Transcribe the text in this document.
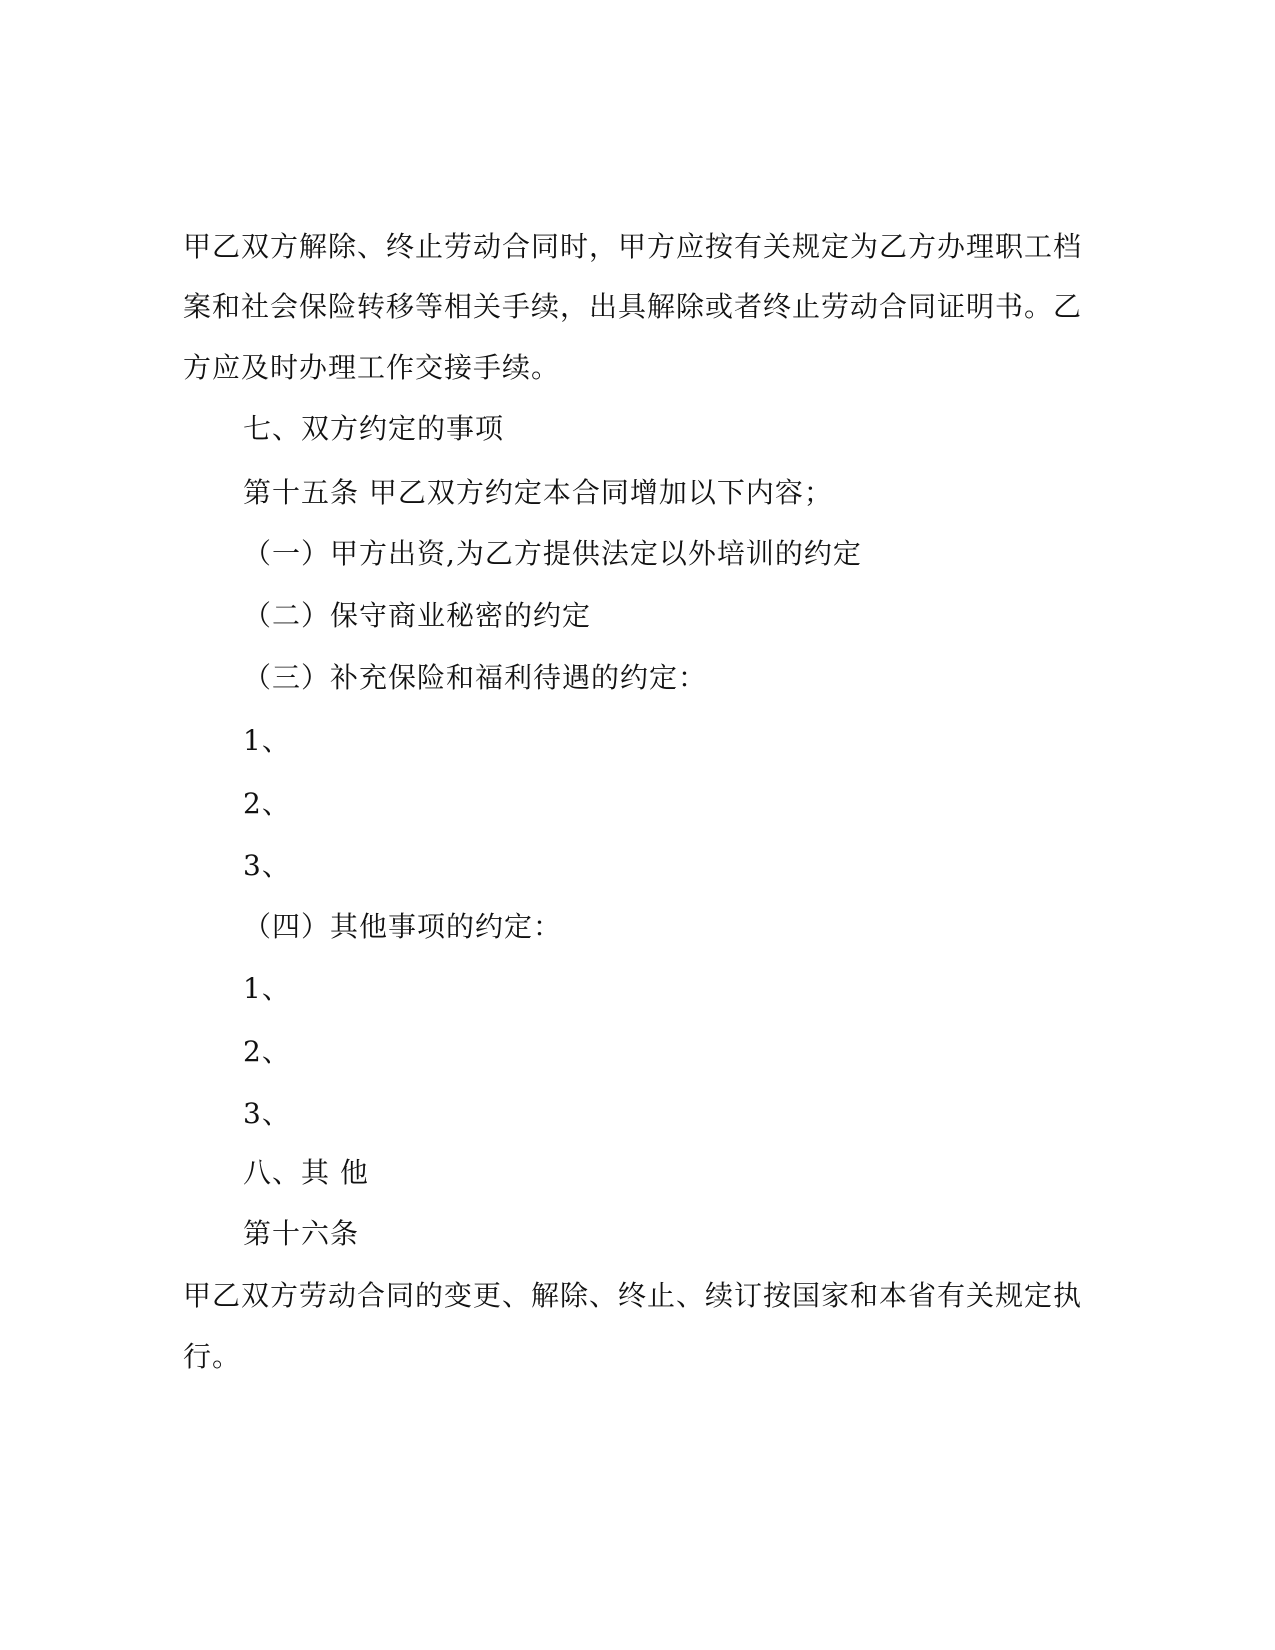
甲乙双方解除、终止劳动合同时，甲方应按有关规定为乙方办理职工档
案和社会保险转移等相关手续，出具解除或者终止劳动合同证明书。乙
方应及时办理工作交接手续。
七、双方约定的事项
第十五条 甲乙双方约定本合同增加以下内容；
（一）甲方出资,为乙方提供法定以外培训的约定
（二）保守商业秘密的约定
（三）补充保险和福利待遇的约定：
1、
2、
3、
（四）其他事项的约定：
1、
2、
3、
八、其 他
第十六条
甲乙双方劳动合同的变更、解除、终止、续订按国家和本省有关规定执
行。
